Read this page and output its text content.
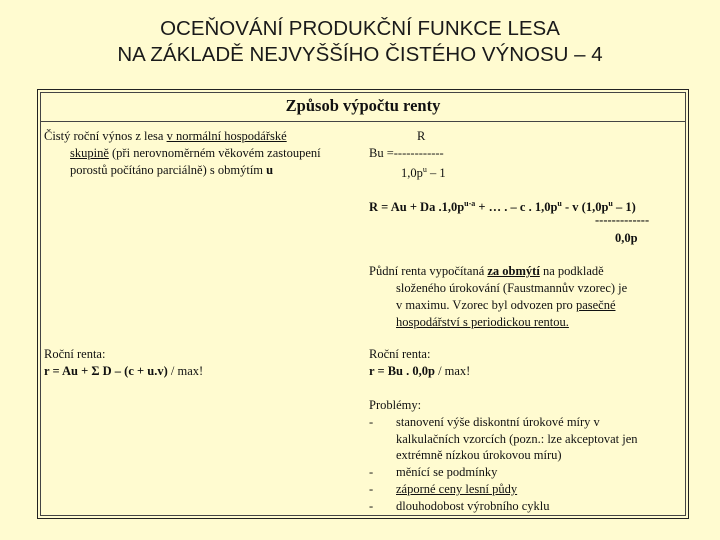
OCEŇOVÁNÍ PRODUKČNÍ FUNKCE LESA
NA ZÁKLADĚ NEJVYŠŠÍHO ČISTÉHO VÝNOSU – 4
Způsob výpočtu renty
Čistý roční výnos z lesa v normální hospodářské
skupině (při nerovnoměrném věkovém zastoupení
porostů počítáno parciálně) s obmýtím u
Roční renta:
r = Au + Σ D – (c + u.v) / max!
R
Bu =------------
$1,0p^u - 1$
R = Au + Da $.1,0p^{u-a}$ + … . – c . $1,0p^u$ - v $(1,0p^u - 1)$
-------------
0,0p
Půdní renta vypočítaná za obmýtí na podkladě
složeného úrokování (Faustmannův vzorec) je
v maximu. Vzorec byl odvozen pro pasečné
hospodářství s periodickou rentou.
Roční renta:
r = Bu . 0,0p / max!
Problémy:
- stanovení výše diskontní úrokové míry v
kalkulačních vzorcích (pozn.: lze akceptovat jen
extrémně nízkou úrokovou míru)
- měnící se podmínky
- záporné ceny lesní půdy
- dlouhodobost výrobního cyklu
